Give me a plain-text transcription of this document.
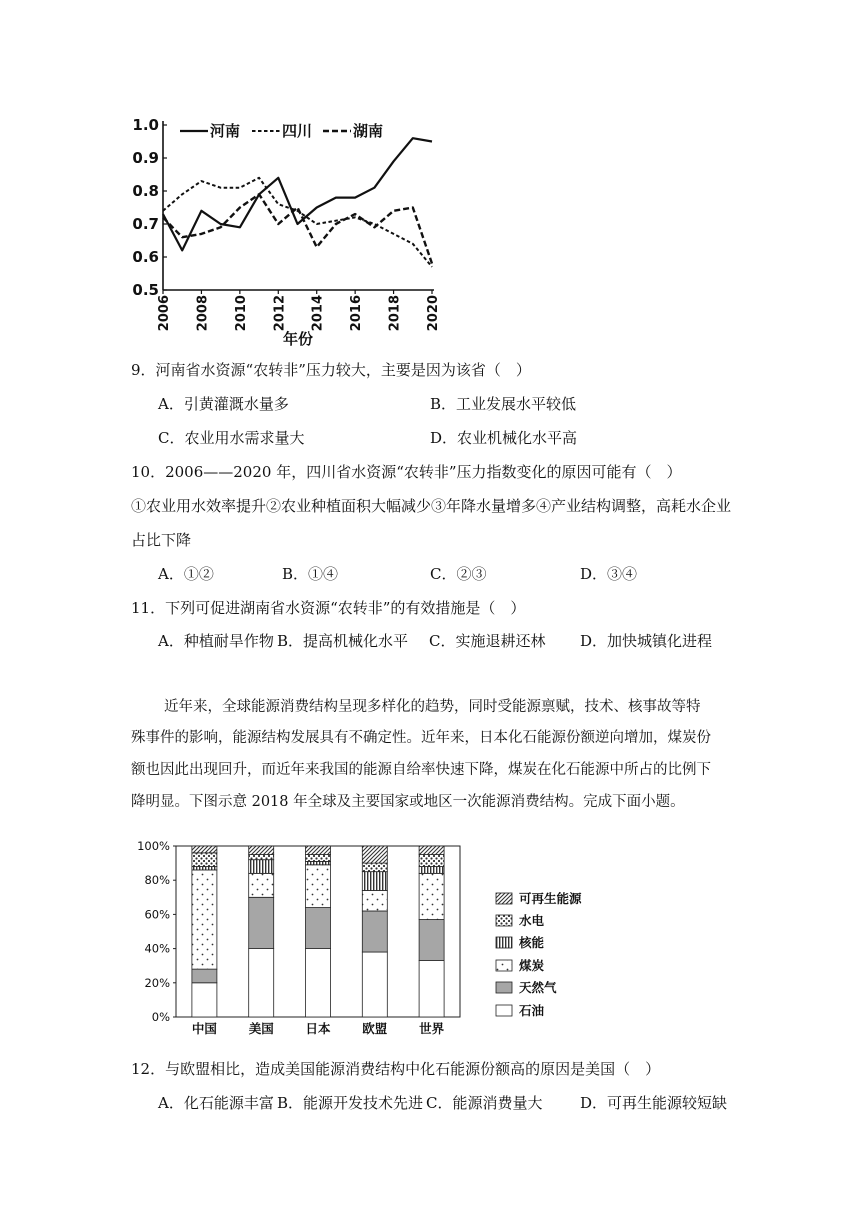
0.5
0.6
0.7
0.8
0.9
1.0
2006 2008 2010 2012 2014 2016 2018 2020
年份
河南	四川	湖南
9．河南省水资源“农转非”压力较大，主要是因为该省（　）
A．引黄灌溉水量多	B．工业发展水平较低
C．农业用水需求量大	D．农业机械化水平高
10．2006——2020 年，四川省水资源“农转非”压力指数变化的原因可能有（　）
①农业用水效率提升②农业种植面积大幅减少③年降水量增多④产业结构调整，高耗水企业
占比下降
A．①②	B．①④	C．②③	D．③④
11．下列可促进湖南省水资源“农转非”的有效措施是（　）
A．种植耐旱作物 B．提高机械化水平 C．实施退耕还林 D．加快城镇化进程
近年来，全球能源消费结构呈现多样化的趋势，同时受能源禀赋，技术、核事故等特
殊事件的影响，能源结构发展具有不确定性。近年来，日本化石能源份额逆向增加，煤炭份
额也因此出现回升，而近年来我国的能源自给率快速下降，煤炭在化石能源中所占的比例下
降明显。下图示意 2018 年全球及主要国家或地区一次能源消费结构。完成下面小题。
0%
20%
40%
60%
80%
100%
中国	美国	日本	欧盟	世界
可再生能源
水电
核能
煤炭
天然气
石油
12．与欧盟相比，造成美国能源消费结构中化石能源份额高的原因是美国（　）
A．化石能源丰富 B．能源开发技术先进 C．能源消费量大	D．可再生能源较短缺
